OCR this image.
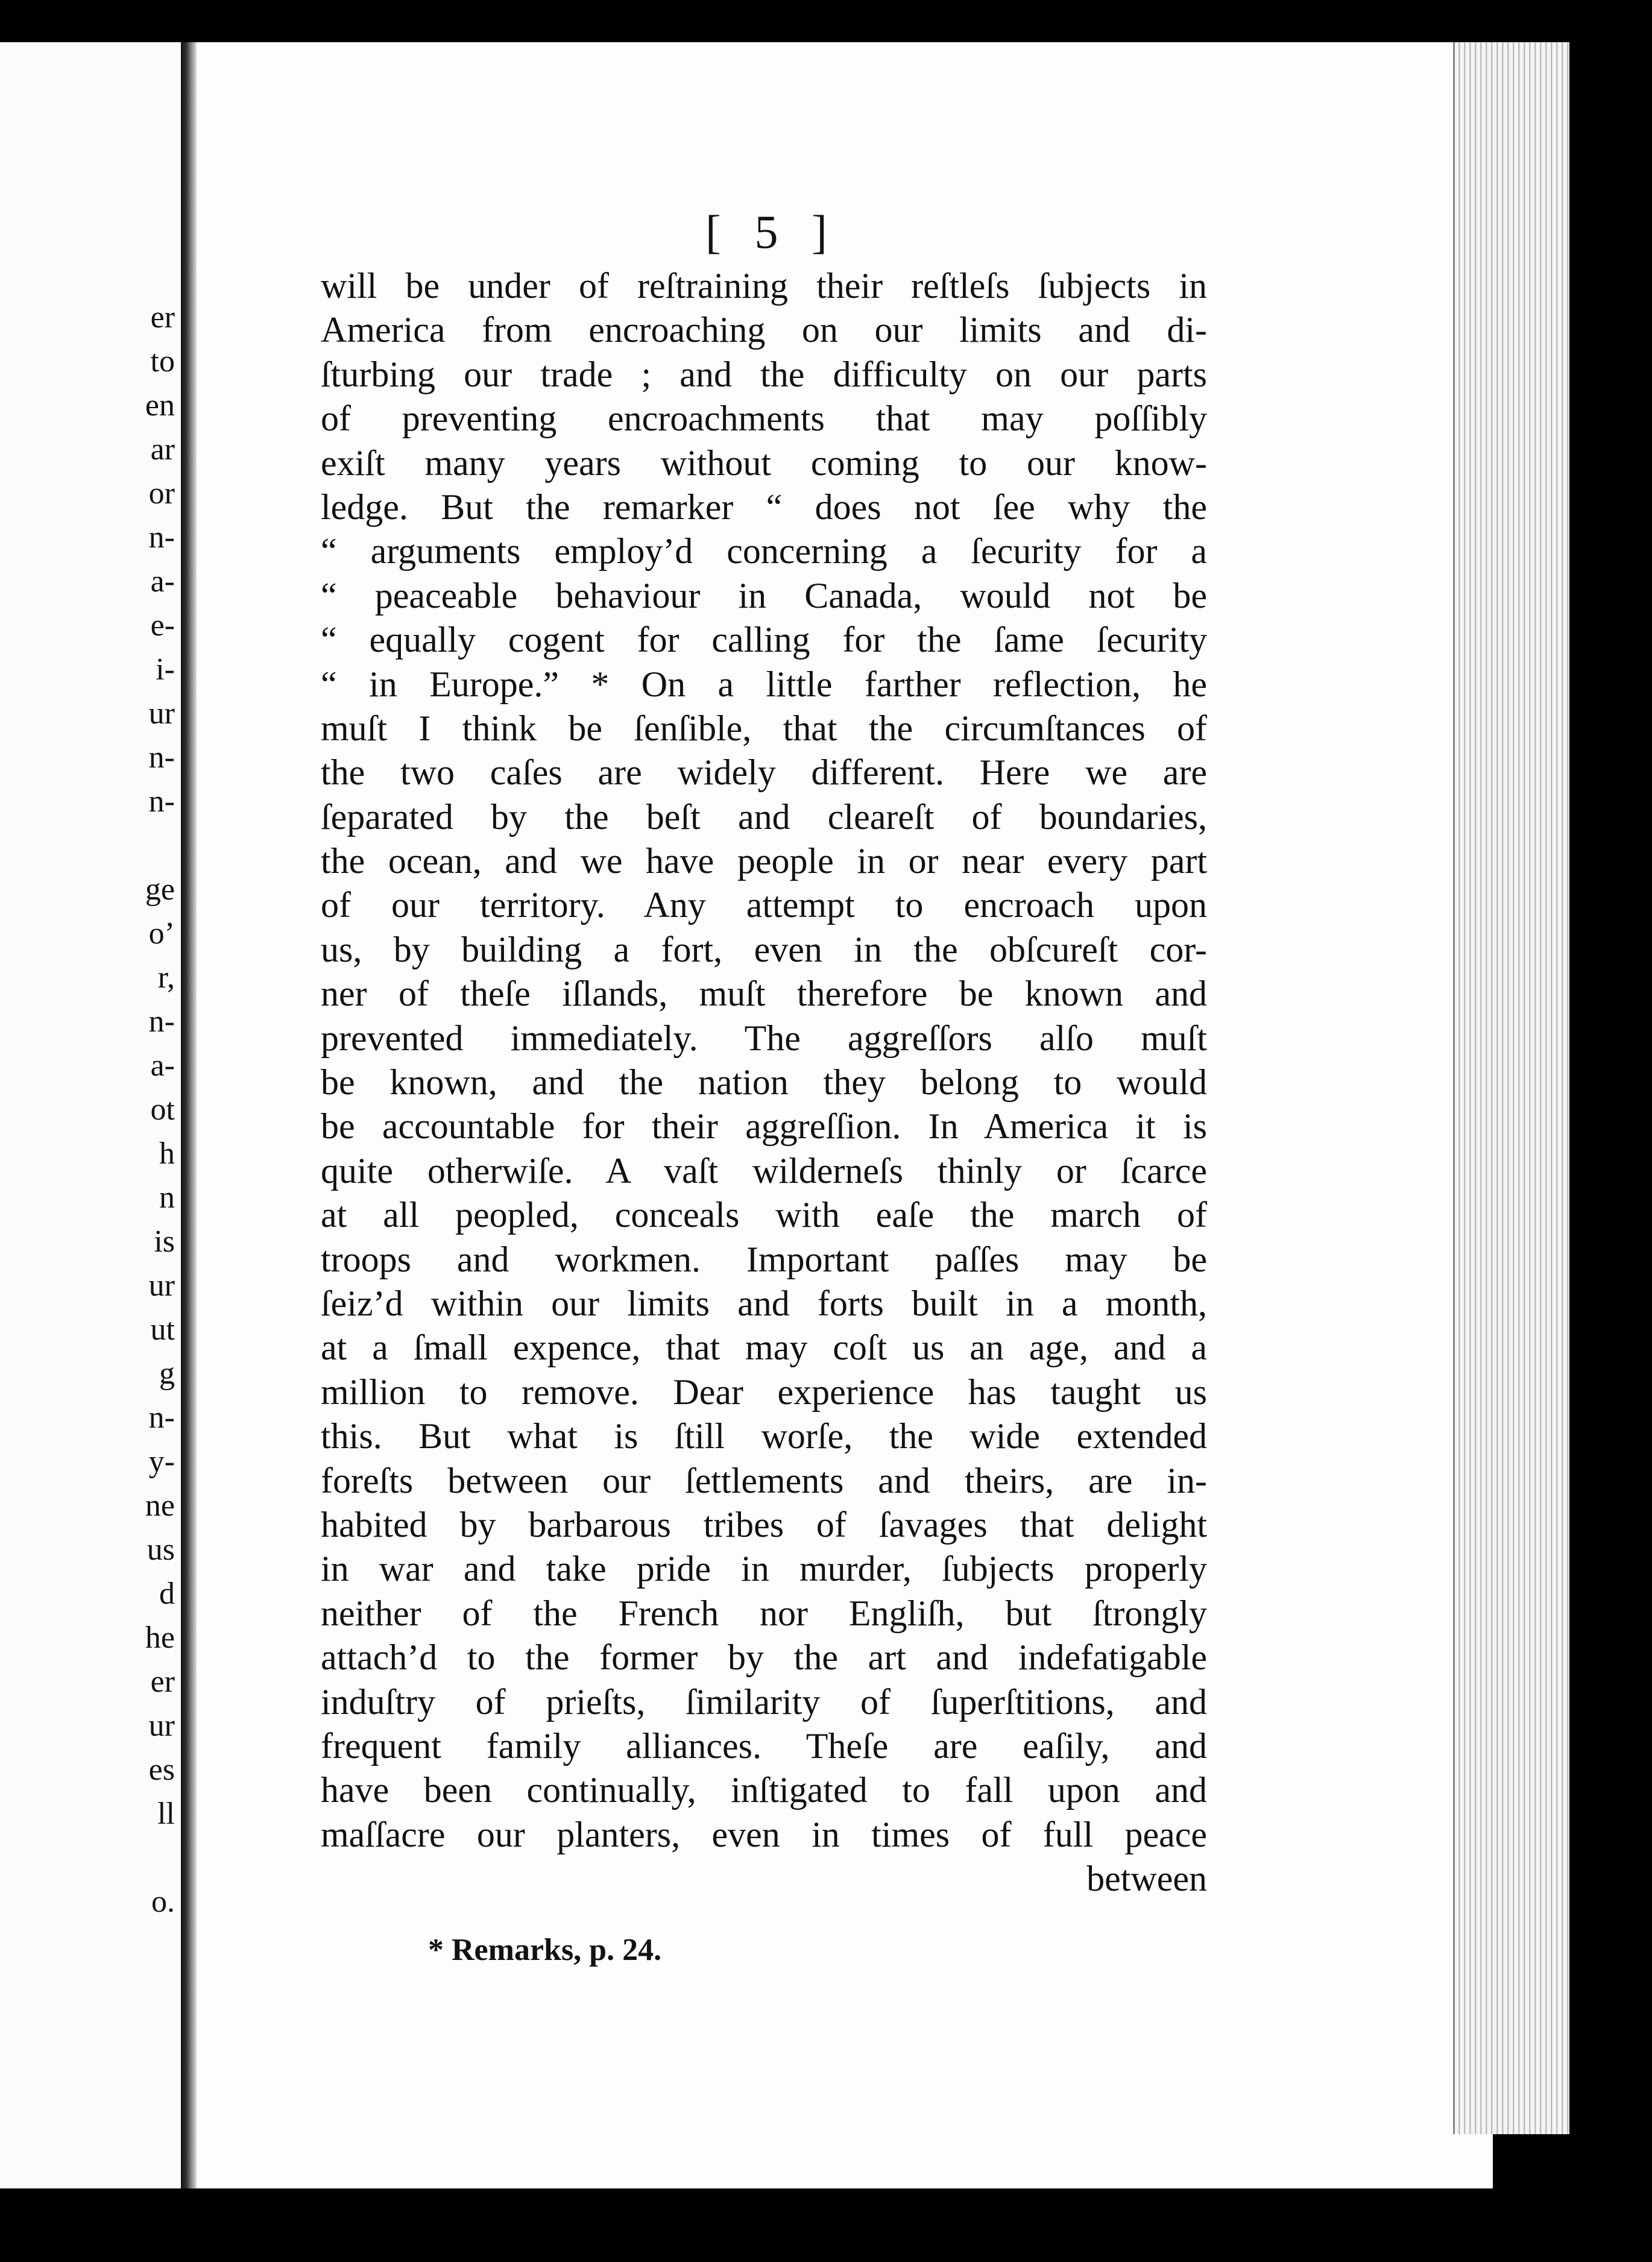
er
to
en
ar
or
n-
a-
e-
i-
ur
n-
n-
ge
o’
r,
n-
a-
ot
h
n
is
ur
ut
g
n-
y-
ne
us
d
he
er
ur
es
ll
o.
[ 5 ]
will be under of reſtraining their reſtleſs ſubjects in
America from encroaching on our limits and di-
ſturbing our trade ; and the difficulty on our parts
of preventing encroachments that may poſſibly
exiſt many years without coming to our know-
ledge. But the remarker “ does not ſee why the
“ arguments employ’d concerning a ſecurity for a
“ peaceable behaviour in Canada, would not be
“ equally cogent for calling for the ſame ſecurity
“ in Europe.” * On a little farther reflection, he
muſt I think be ſenſible, that the circumſtances of
the two caſes are widely different. Here we are
ſeparated by the beſt and cleareſt of boundaries,
the ocean, and we have people in or near every part
of our territory. Any attempt to encroach upon
us, by building a fort, even in the obſcureſt cor-
ner of theſe iſlands, muſt therefore be known and
prevented immediately. The aggreſſors alſo muſt
be known, and the nation they belong to would
be accountable for their aggreſſion. In America it is
quite otherwiſe. A vaſt wilderneſs thinly or ſcarce
at all peopled, conceals with eaſe the march of
troops and workmen. Important paſſes may be
ſeiz’d within our limits and forts built in a month,
at a ſmall expence, that may coſt us an age, and a
million to remove. Dear experience has taught us
this. But what is ſtill worſe, the wide extended
foreſts between our ſettlements and theirs, are in-
habited by barbarous tribes of ſavages that delight
in war and take pride in murder, ſubjects properly
neither of the French nor Engliſh, but ſtrongly
attach’d to the former by the art and indefatigable
induſtry of prieſts, ſimilarity of ſuperſtitions, and
frequent family alliances. Theſe are eaſily, and
have been continually, inſtigated to fall upon and
maſſacre our planters, even in times of full peace
between
* Remarks, p. 24.
